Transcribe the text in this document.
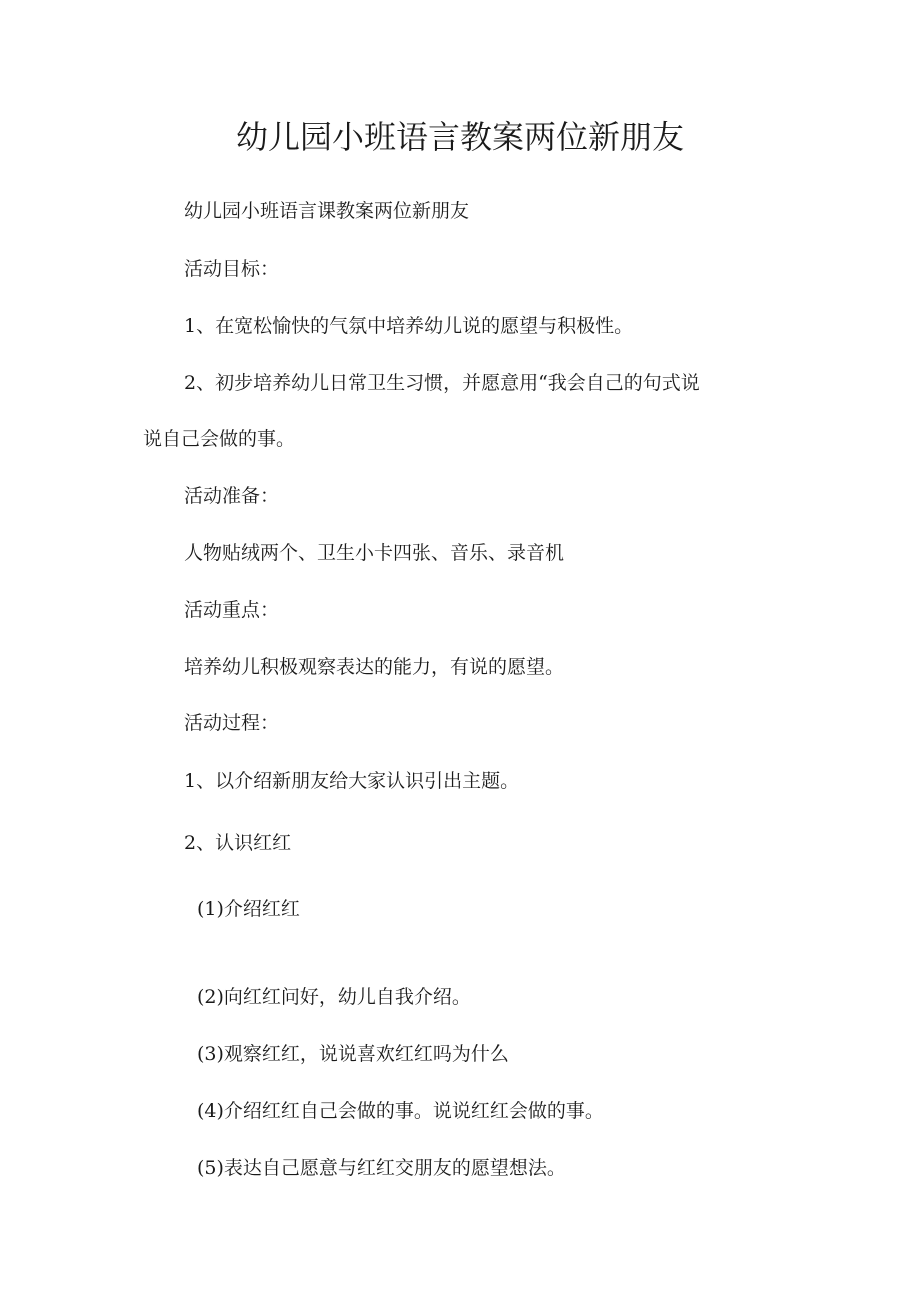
幼儿园小班语言教案两位新朋友

幼儿园小班语言课教案两位新朋友

活动目标：

1、在宽松愉快的气氛中培养幼儿说的愿望与积极性。

2、初步培养幼儿日常卫生习惯，并愿意用“我会自己的句式说

说自己会做的事。

活动准备：

人物贴绒两个、卫生小卡四张、音乐、录音机

活动重点：

培养幼儿积极观察表达的能力，有说的愿望。

活动过程：

1、以介绍新朋友给大家认识引出主题。

2、认识红红

(1)介绍红红

(2)向红红问好，幼儿自我介绍。

(3)观察红红，说说喜欢红红吗为什么

(4)介绍红红自己会做的事。说说红红会做的事。

(5)表达自己愿意与红红交朋友的愿望想法。
